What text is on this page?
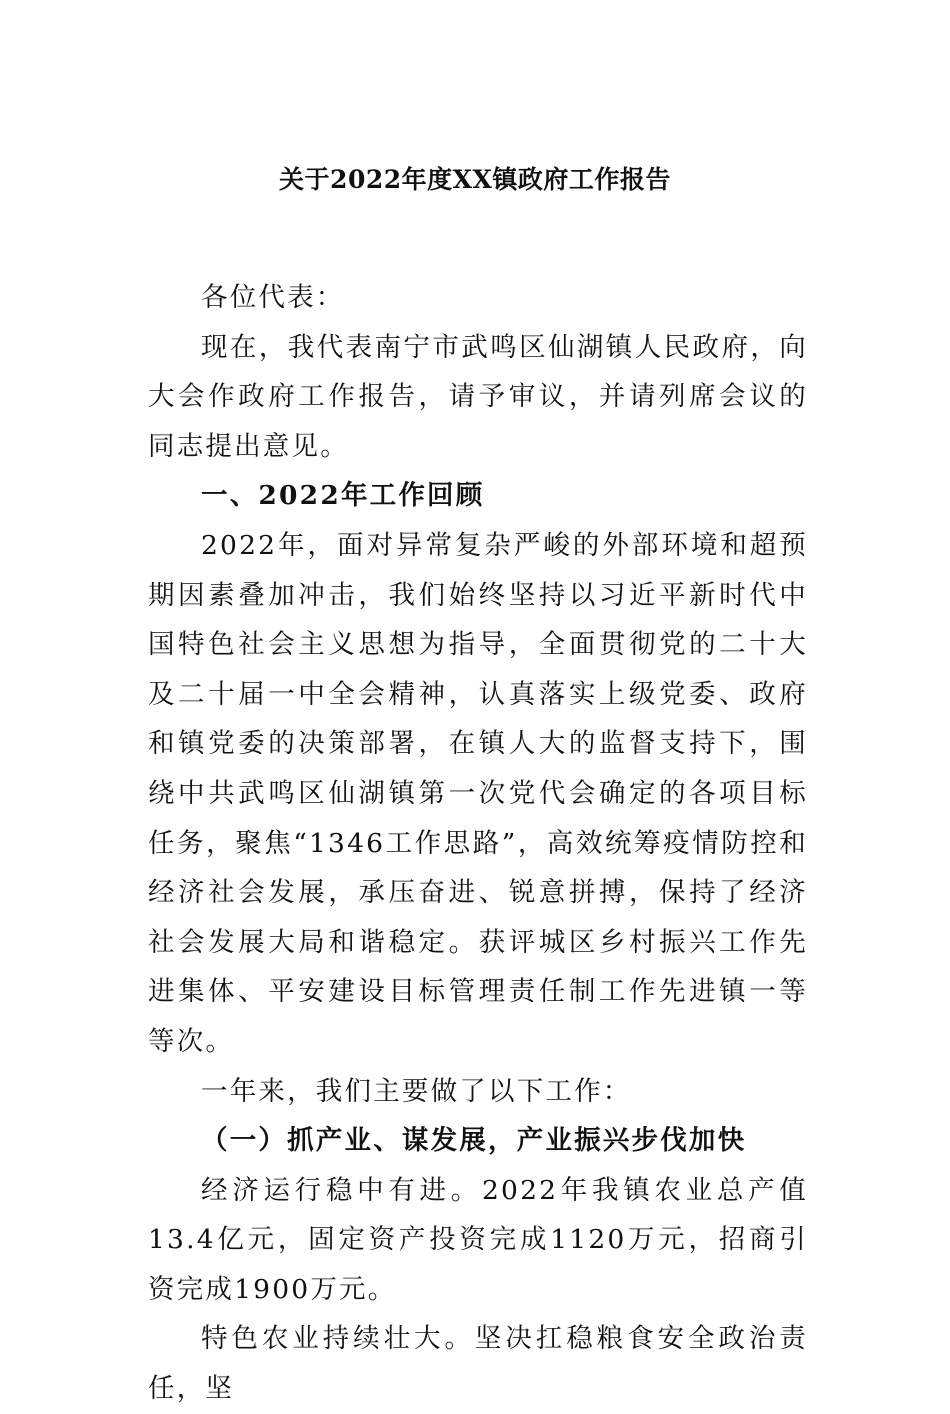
关于2022年度XX镇政府工作报告

各位代表：

现在，我代表南宁市武鸣区仙湖镇人民政府，向大会作政府工作报告，请予审议，并请列席会议的同志提出意见。

一、2022年工作回顾

2022年，面对异常复杂严峻的外部环境和超预期因素叠加冲击，我们始终坚持以习近平新时代中国特色社会主义思想为指导，全面贯彻党的二十大及二十届一中全会精神，认真落实上级党委、政府和镇党委的决策部署，在镇人大的监督支持下，围绕中共武鸣区仙湖镇第一次党代会确定的各项目标任务，聚焦“1346工作思路”，高效统筹疫情防控和经济社会发展，承压奋进、锐意拼搏，保持了经济社会发展大局和谐稳定。获评城区乡村振兴工作先进集体、平安建设目标管理责任制工作先进镇一等等次。

一年来，我们主要做了以下工作：

（一）抓产业、谋发展，产业振兴步伐加快

经济运行稳中有进。2022年我镇农业总产值13.4亿元，固定资产投资完成1120万元，招商引资完成1900万元。

特色农业持续壮大。坚决扛稳粮食安全政治责任，坚
